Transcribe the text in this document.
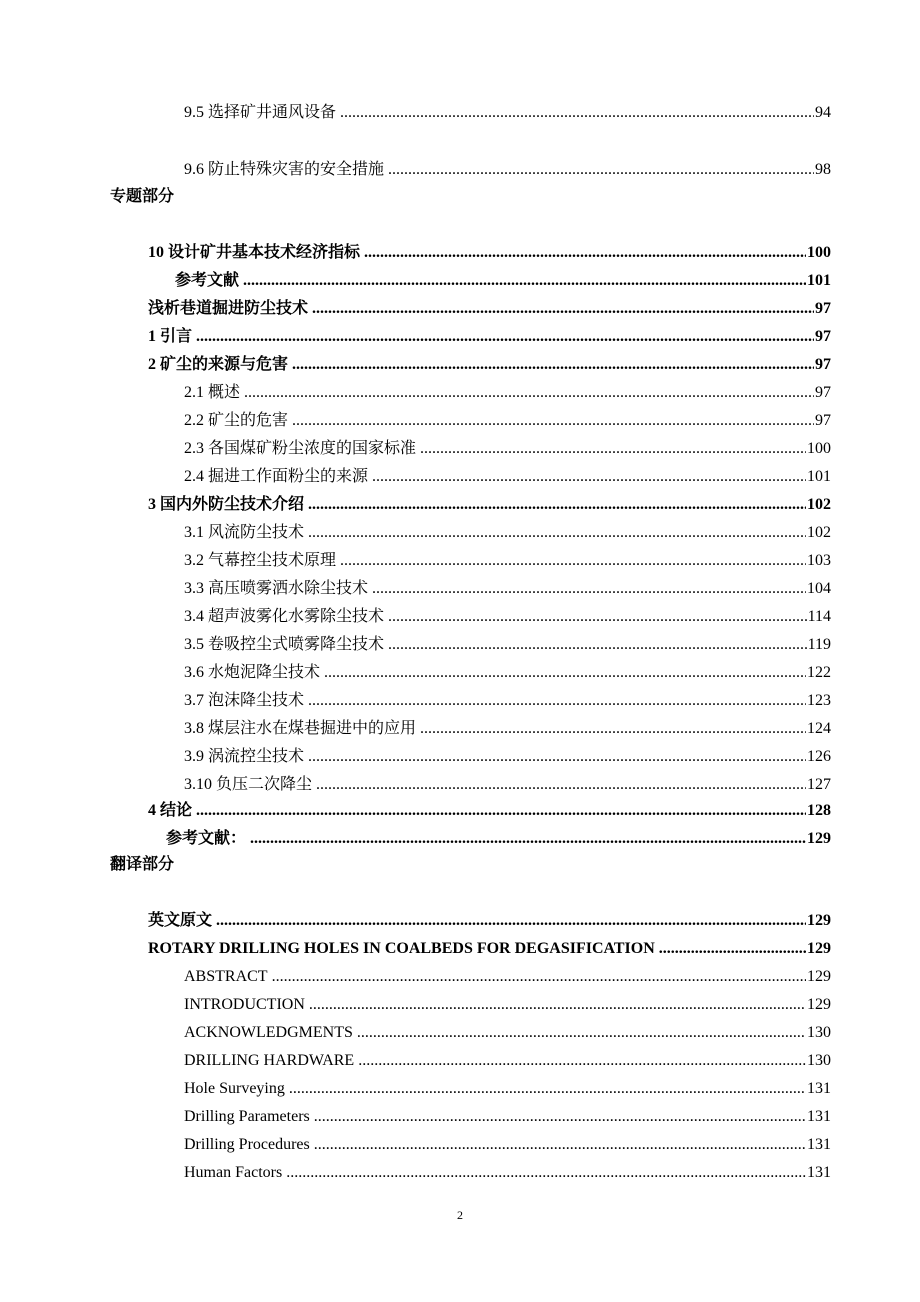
9.5 选择矿井通风设备 .....	94
9.6 防止特殊灾害的安全措施 .....	98
专题部分
10 设计矿井基本技术经济指标 .....	100
参考文献 .....	101
浅析巷道掘进防尘技术 .....	97
1 引言 .....	97
2 矿尘的来源与危害 .....	97
2.1 概述 .....	97
2.2 矿尘的危害 .....	97
2.3 各国煤矿粉尘浓度的国家标准 .....	100
2.4 掘进工作面粉尘的来源 .....	101
3 国内外防尘技术介绍 .....	102
3.1 风流防尘技术 .....	102
3.2 气幕控尘技术原理 .....	103
3.3 高压喷雾洒水除尘技术 .....	104
3.4 超声波雾化水雾除尘技术 .....	114
3.5 卷吸控尘式喷雾降尘技术 .....	119
3.6 水炮泥降尘技术 .....	122
3.7 泡沫降尘技术 .....	123
3.8 煤层注水在煤巷掘进中的应用 .....	124
3.9 涡流控尘技术 .....	126
3.10 负压二次降尘 .....	127
4 结论 .....	128
参考文献： .....	129
翻译部分
英文原文 .....	129
ROTARY DRILLING HOLES IN COALBEDS FOR DEGASIFICATION .....	129
ABSTRACT .....	129
INTRODUCTION .....	129
ACKNOWLEDGMENTS .....	130
DRILLING HARDWARE .....	130
Hole Surveying .....	131
Drilling Parameters .....	131
Drilling Procedures .....	131
Human Factors .....	131
2
